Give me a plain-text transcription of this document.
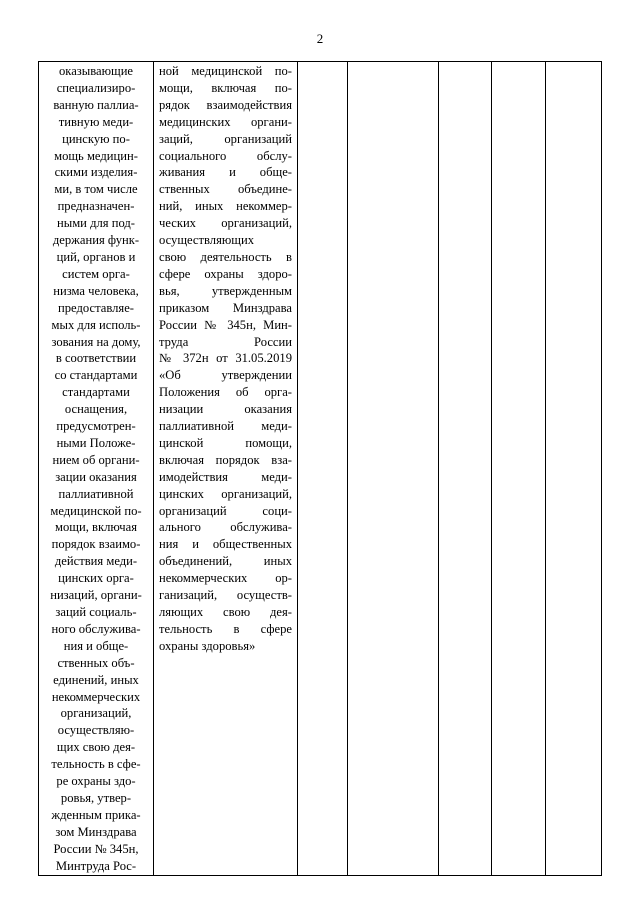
2
оказывающие
специализиро-
ванную паллиа-
тивную меди-
цинскую по-
мощь медицин-
скими изделия-
ми, в том числе
предназначен-
ными для под-
держания функ-
ций, органов и
систем орга-
низма человека,
предоставляе-
мых для исполь-
зования на дому,
в соответствии
со стандартами
стандартами
оснащения,
предусмотрен-
ными Положе-
нием об органи-
зации оказания
паллиативной
медицинской по-
мощи, включая
порядок взаимо-
действия меди-
цинских орга-
низаций, органи-
заций социаль-
ного обслужива-
ния и обще-
ственных объ-
единений, иных
некоммерческих
организаций,
осуществляю-
щих свою дея-
тельность в сфе-
ре охраны здо-
ровья, утвер-
жденным прика-
зом Минздрава
России № 345н,
Минтруда Рос-

ной медицинской по-
мощи, включая по-
рядок взаимодействия
медицинских органи-
заций, организаций
социального обслу-
живания и обще-
ственных объедине-
ний, иных некоммер-
ческих организаций,
осуществляющих
свою деятельность в
сфере охраны здоро-
вья, утвержденным
приказом Минздрава
России № 345н, Мин-
труда России
№ 372н от 31.05.2019
«Об утверждении
Положения об орга-
низации оказания
паллиативной меди-
цинской помощи,
включая порядок вза-
имодействия меди-
цинских организаций,
организаций соци-
ального обслужива-
ния и общественных
объединений, иных
некоммерческих ор-
ганизаций, осуществ-
ляющих свою дея-
тельность в сфере
охраны здоровья»
